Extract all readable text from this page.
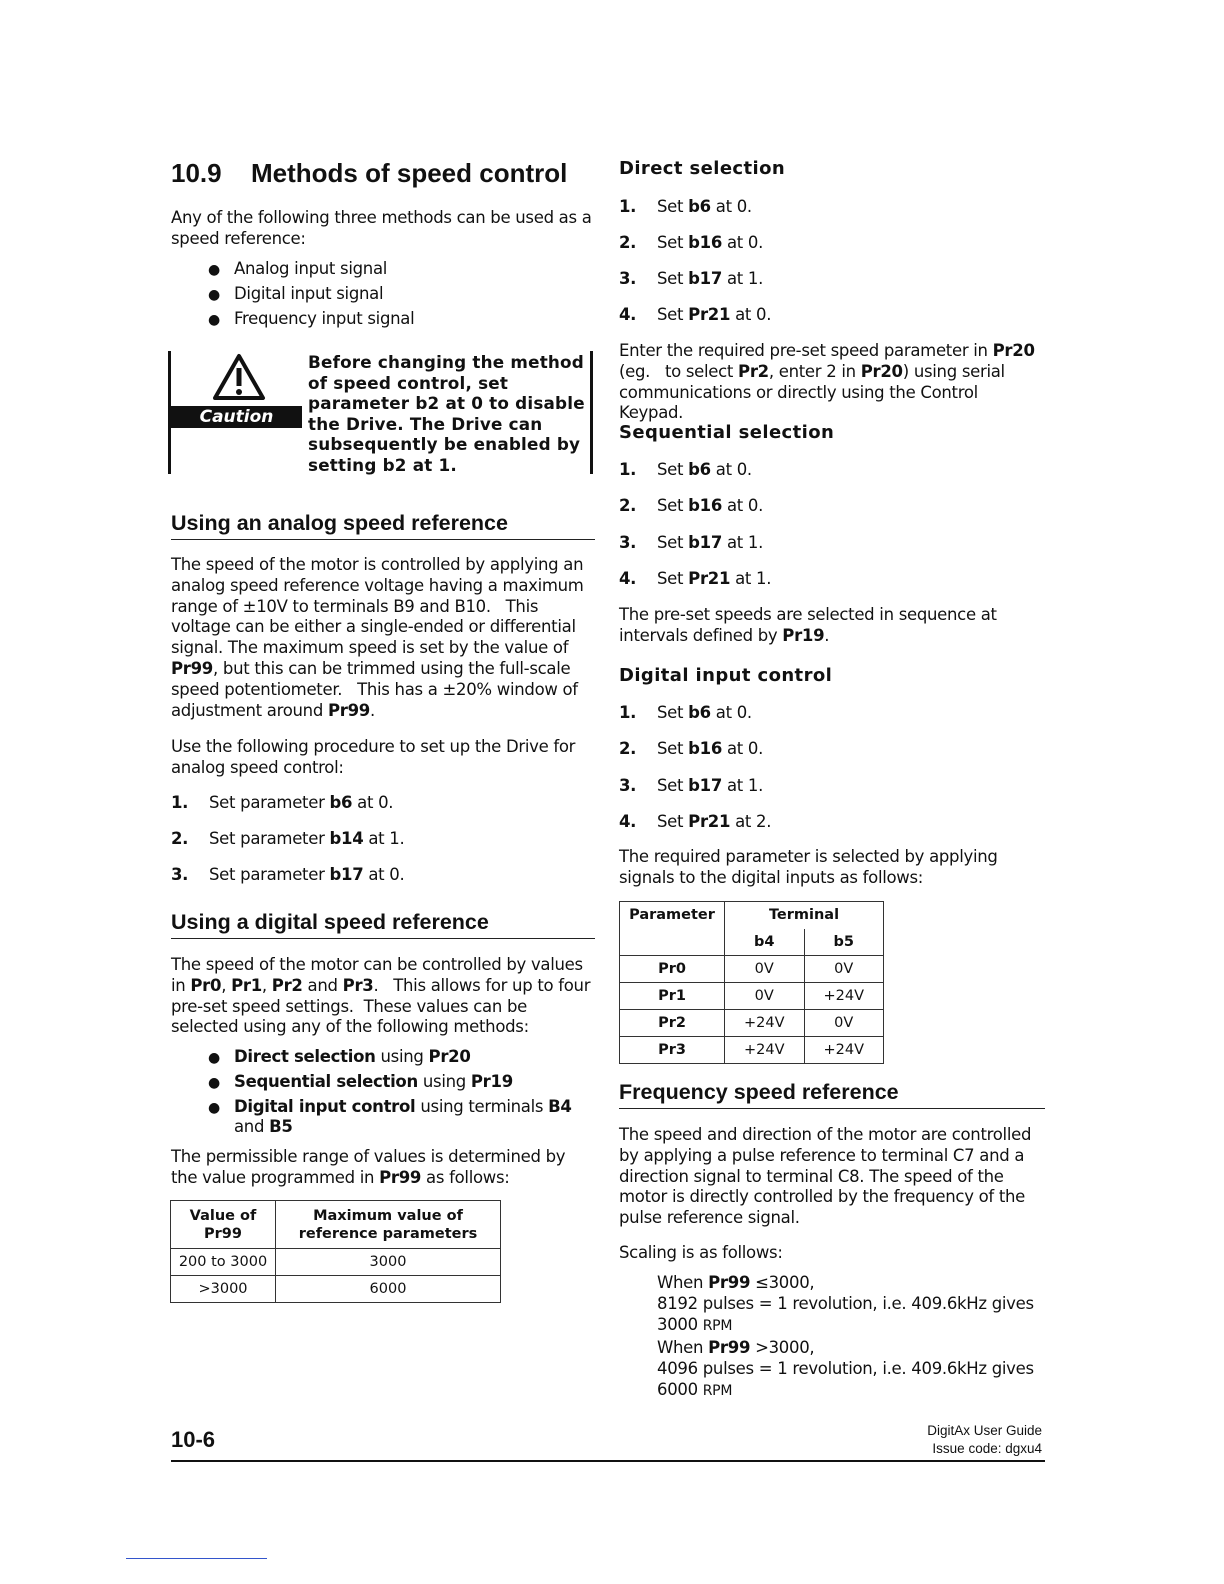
10.9 Methods of speed control

Any of the following three methods can be used as a speed reference:

● Analog input signal
● Digital input signal
● Frequency input signal
Caution
Before changing the method of speed control, set parameter b2 at 0 to disable the Drive. The Drive can subsequently be enabled by setting b2 at 1.
Using an analog speed reference

The speed of the motor is controlled by applying an analog speed reference voltage having a maximum range of ±10V to terminals B9 and B10.   This voltage can be either a single-ended or differential signal. The maximum speed is set by the value of Pr99, but this can be trimmed using the full-scale speed potentiometer.   This has a ±20% window of adjustment around Pr99.

Use the following procedure to set up the Drive for analog speed control:

1. Set parameter b6 at 0.
2. Set parameter b14 at 1.
3. Set parameter b17 at 0.
Using a digital speed reference

The speed of the motor can be controlled by values in Pr0, Pr1, Pr2 and Pr3.   This allows for up to four pre-set speed settings.  These values can be selected using any of the following methods:

● Direct selection using Pr20
● Sequential selection using Pr19
● Digital input control using terminals B4
and B5

The permissible range of values is determined by the value programmed in Pr99 as follows:

Value of
Pr99	Maximum value of
reference parameters
200 to 3000	3000
>3000	6000
Direct selection
1. Set b6 at 0.
2. Set b16 at 0.
3. Set b17 at 1.
4. Set Pr21 at 0.

Enter the required pre-set speed parameter in Pr20 (eg.   to select Pr2, enter 2 in Pr20) using serial communications or directly using the Control Keypad.

Sequential selection
1. Set b6 at 0.
2. Set b16 at 0.
3. Set b17 at 1.
4. Set Pr21 at 1.

The pre-set speeds are selected in sequence at intervals defined by Pr19.

Digital input control
1. Set b6 at 0.
2. Set b16 at 0.
3. Set b17 at 1.
4. Set Pr21 at 2.

The required parameter is selected by applying signals to the digital inputs as follows:

Parameter	Terminal	
	b4	b5
Pr0	0V	0V
Pr1	0V	+24V
Pr2	+24V	0V
Pr3	+24V	+24V
Frequency speed reference

The speed and direction of the motor are controlled by applying a pulse reference to terminal C7 and a direction signal to terminal C8. The speed of the motor is directly controlled by the frequency of the pulse reference signal.

Scaling is as follows:

When Pr99 ≤3000,
8192 pulses = 1 revolution, i.e. 409.6kHz gives
3000 RPM
When Pr99 >3000,
4096 pulses = 1 revolution, i.e. 409.6kHz gives
6000 RPM
10-6	DigitAx User Guide
Issue code: dgxu4
